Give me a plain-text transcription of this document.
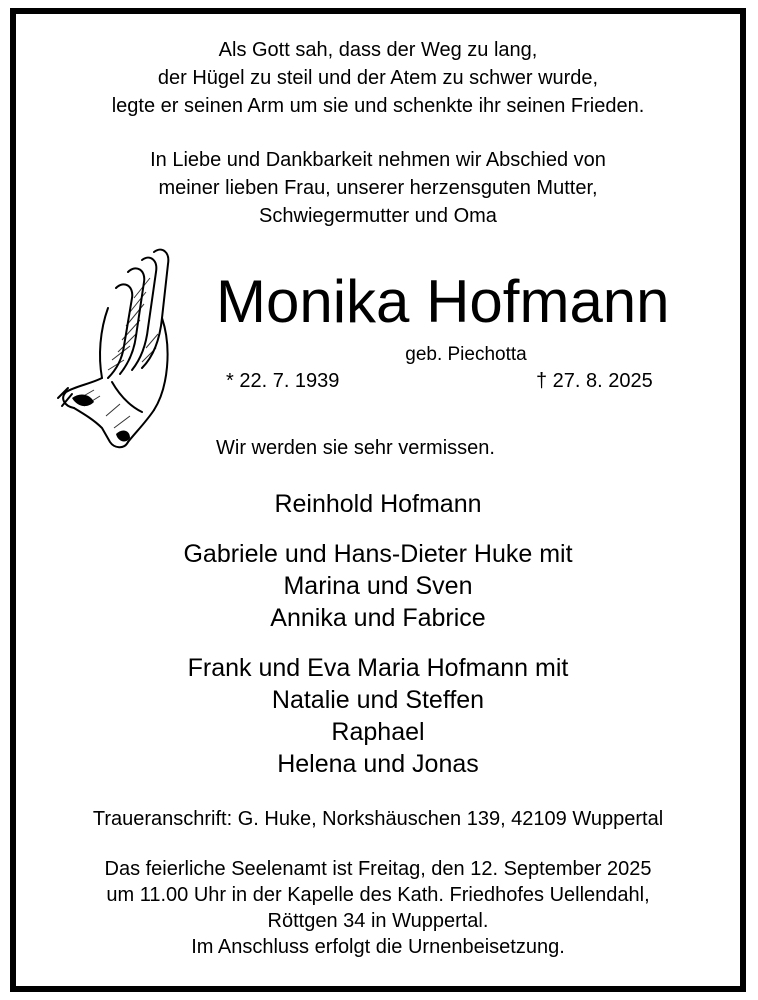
Als Gott sah, dass der Weg zu lang,
der Hügel zu steil und der Atem zu schwer wurde,
legte er seinen Arm um sie und schenkte ihr seinen Frieden.
In Liebe und Dankbarkeit nehmen wir Abschied von
meiner lieben Frau, unserer herzensguten Mutter,
Schwiegermutter und Oma
Monika Hofmann
geb. Piechotta
* 22. 7. 1939	† 27. 8. 2025
Wir werden sie sehr vermissen.
Reinhold Hofmann
Gabriele und Hans-Dieter Huke mit
Marina und Sven
Annika und Fabrice
Frank und Eva Maria Hofmann mit
Natalie und Steffen
Raphael
Helena und Jonas
Traueranschrift: G. Huke, Norkshäuschen 139, 42109 Wuppertal
Das feierliche Seelenamt ist Freitag, den 12. September 2025
um 11.00 Uhr in der Kapelle des Kath. Friedhofes Uellendahl,
Röttgen 34 in Wuppertal.
Im Anschluss erfolgt die Urnenbeisetzung.
